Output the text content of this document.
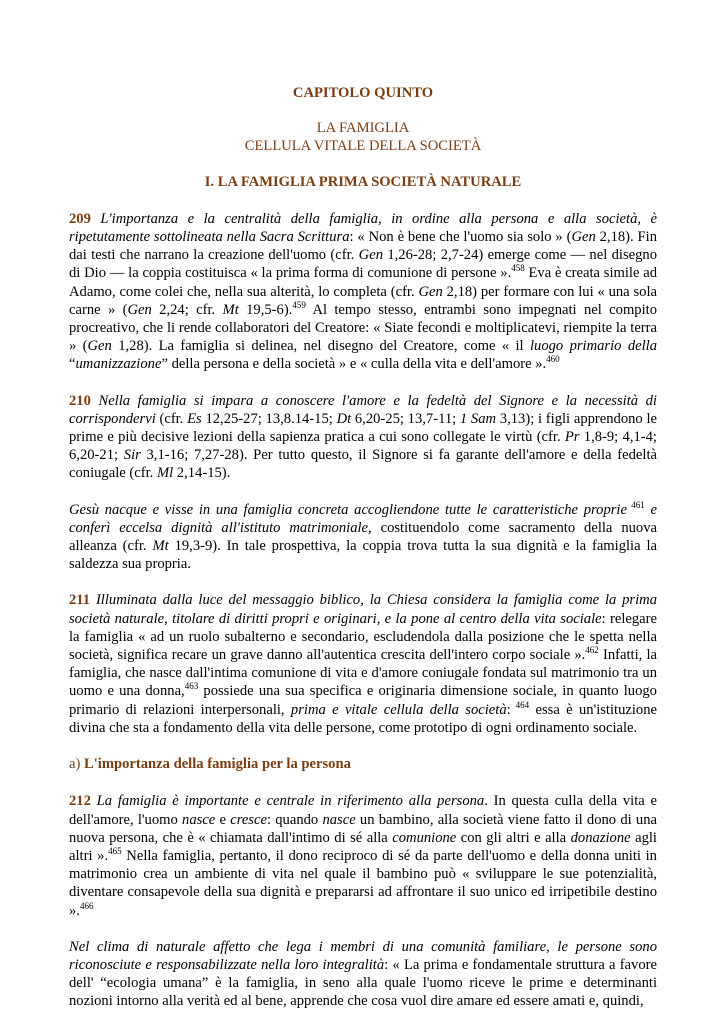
CAPITOLO QUINTO

LA FAMIGLIA

CELLULA VITALE DELLA SOCIETÀ

I. LA FAMIGLIA PRIMA SOCIETÀ NATURALE

209 L'importanza e la centralità della famiglia, in ordine alla persona e alla società, è ripetutamente sottolineata nella Sacra Scrittura: « Non è bene che l'uomo sia solo » (Gen 2,18). Fin dai testi che narrano la creazione dell'uomo (cfr. Gen 1,26-28; 2,7-24) emerge come — nel disegno di Dio — la coppia costituisca « la prima forma di comunione di persone ».$^{458}$ Eva è creata simile ad Adamo, come colei che, nella sua alterità, lo completa (cfr. Gen 2,18) per formare con lui « una sola carne » (Gen 2,24; cfr. Mt 19,5-6).$^{459}$ Al tempo stesso, entrambi sono impegnati nel compito procreativo, che li rende collaboratori del Creatore: « Siate fecondi e moltiplicatevi, riempite la terra » (Gen 1,28). La famiglia si delinea, nel disegno del Creatore, come « il luogo primario della “umanizzazione” della persona e della società » e « culla della vita e dell'amore ».$^{460}$

210 Nella famiglia si impara a conoscere l'amore e la fedeltà del Signore e la necessità di corrispondervi (cfr. Es 12,25-27; 13,8.14-15; Dt 6,20-25; 13,7-11; 1 Sam 3,13); i figli apprendono le prime e più decisive lezioni della sapienza pratica a cui sono collegate le virtù (cfr. Pr 1,8-9; 4,1-4; 6,20-21; Sir 3,1-16; 7,27-28). Per tutto questo, il Signore si fa garante dell'amore e della fedeltà coniugale (cfr. Ml 2,14-15).

Gesù nacque e visse in una famiglia concreta accogliendone tutte le caratteristiche proprie $^{461}$ e conferì eccelsa dignità all'istituto matrimoniale, costituendolo come sacramento della nuova alleanza (cfr. Mt 19,3-9). In tale prospettiva, la coppia trova tutta la sua dignità e la famiglia la saldezza sua propria.

211 Illuminata dalla luce del messaggio biblico, la Chiesa considera la famiglia come la prima società naturale, titolare di diritti propri e originari, e la pone al centro della vita sociale: relegare la famiglia « ad un ruolo subalterno e secondario, escludendola dalla posizione che le spetta nella società, significa recare un grave danno all'autentica crescita dell'intero corpo sociale ».$^{462}$ Infatti, la famiglia, che nasce dall'intima comunione di vita e d'amore coniugale fondata sul matrimonio tra un uomo e una donna,$^{463}$ possiede una sua specifica e originaria dimensione sociale, in quanto luogo primario di relazioni interpersonali, prima e vitale cellula della società: $^{464}$ essa è un'istituzione divina che sta a fondamento della vita delle persone, come prototipo di ogni ordinamento sociale.

a) L'importanza della famiglia per la persona

212 La famiglia è importante e centrale in riferimento alla persona. In questa culla della vita e dell'amore, l'uomo nasce e cresce: quando nasce un bambino, alla società viene fatto il dono di una nuova persona, che è « chiamata dall'intimo di sé alla comunione con gli altri e alla donazione agli altri ».$^{465}$ Nella famiglia, pertanto, il dono reciproco di sé da parte dell'uomo e della donna uniti in matrimonio crea un ambiente di vita nel quale il bambino può « sviluppare le sue potenzialità, diventare consapevole della sua dignità e prepararsi ad affrontare il suo unico ed irripetibile destino ».$^{466}$

Nel clima di naturale affetto che lega i membri di una comunità familiare, le persone sono riconosciute e responsabilizzate nella loro integralità: « La prima e fondamentale struttura a favore dell' “ecologia umana” è la famiglia, in seno alla quale l'uomo riceve le prime e determinanti nozioni intorno alla verità ed al bene, apprende che cosa vuol dire amare ed essere amati e, quindi,
